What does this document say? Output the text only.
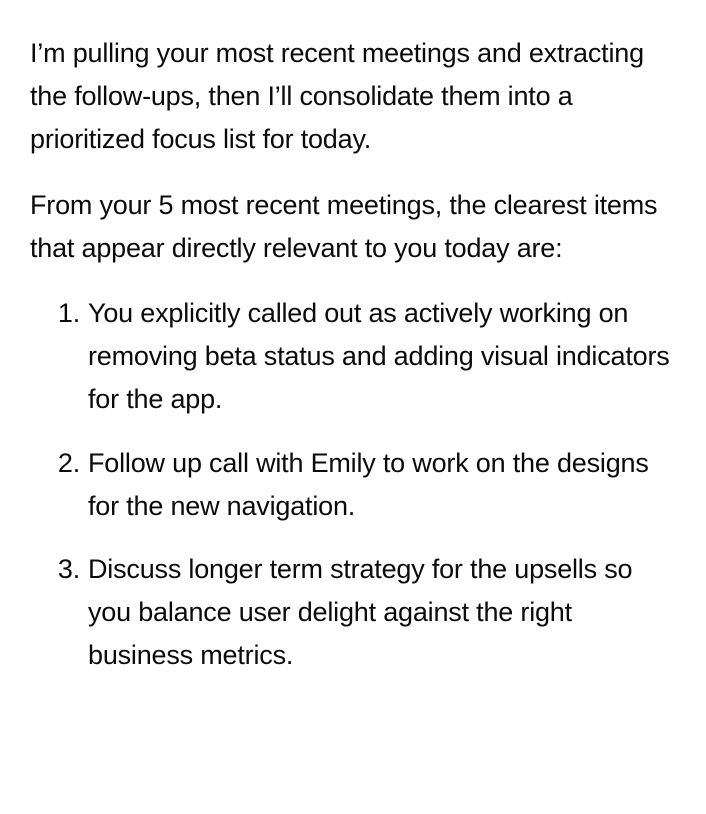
I’m pulling your most recent meetings and extracting the follow-ups, then I’ll consolidate them into a prioritized focus list for today.

From your 5 most recent meetings, the clearest items that appear directly relevant to you today are:

1. You explicitly called out as actively working on removing beta status and adding visual indicators for the app.
2. Follow up call with Emily to work on the designs for the new navigation.
3. Discuss longer term strategy for the upsells so you balance user delight against the right business metrics.
